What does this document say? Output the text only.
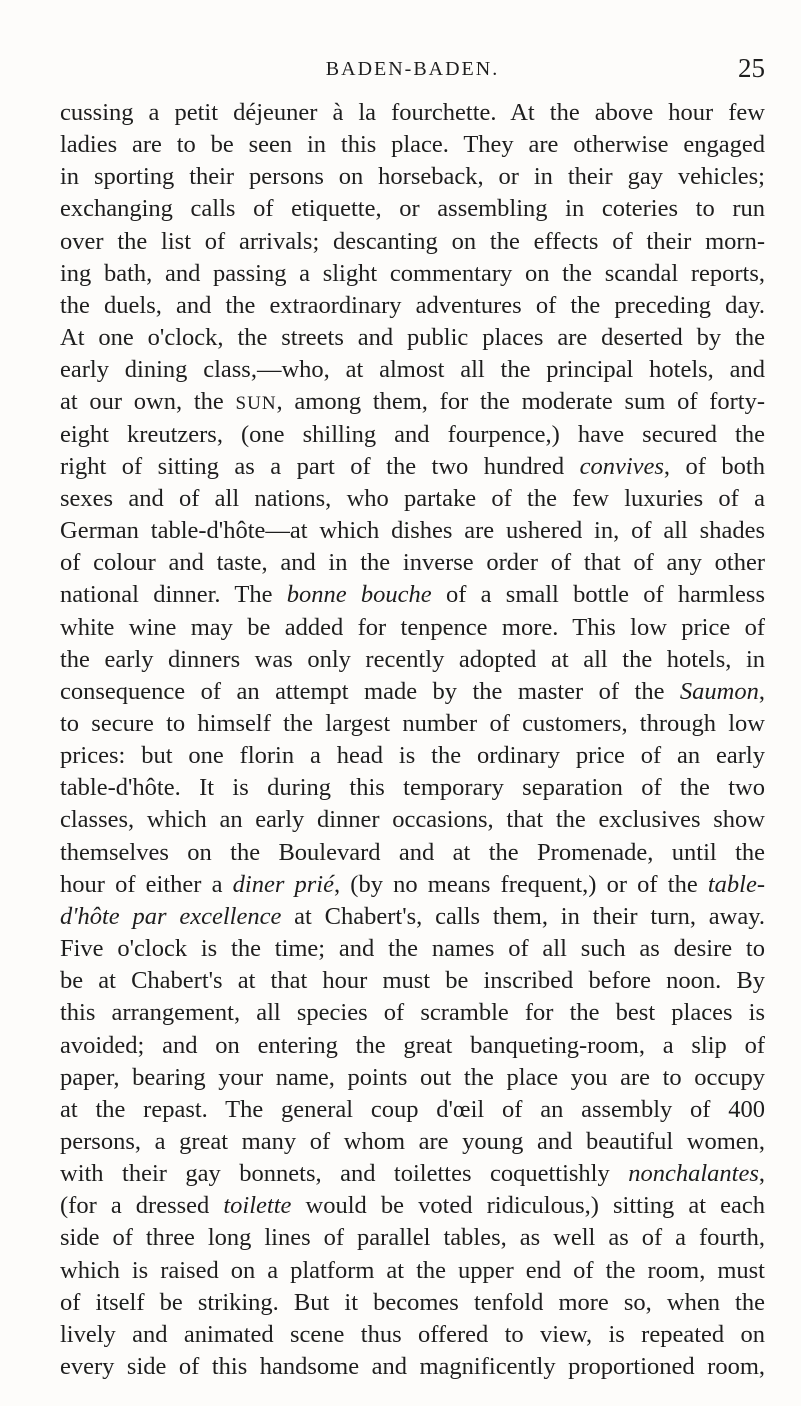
BADEN-BADEN.	25
cussing a petit déjeuner à la fourchette. At the above hour few
ladies are to be seen in this place. They are otherwise engaged
in sporting their persons on horseback, or in their gay vehicles;
exchanging calls of etiquette, or assembling in coteries to run
over the list of arrivals; descanting on the effects of their morn-
ing bath, and passing a slight commentary on the scandal reports,
the duels, and the extraordinary adventures of the preceding day.
At one o'clock, the streets and public places are deserted by the
early dining class,—who, at almost all the principal hotels, and
at our own, the SUN, among them, for the moderate sum of forty-
eight kreutzers, (one shilling and fourpence,) have secured the
right of sitting as a part of the two hundred convives, of both
sexes and of all nations, who partake of the few luxuries of a
German table-d'hôte—at which dishes are ushered in, of all shades
of colour and taste, and in the inverse order of that of any other
national dinner. The bonne bouche of a small bottle of harmless
white wine may be added for tenpence more. This low price of
the early dinners was only recently adopted at all the hotels, in
consequence of an attempt made by the master of the Saumon,
to secure to himself the largest number of customers, through low
prices: but one florin a head is the ordinary price of an early
table-d'hôte. It is during this temporary separation of the two
classes, which an early dinner occasions, that the exclusives show
themselves on the Boulevard and at the Promenade, until the
hour of either a diner prié, (by no means frequent,) or of the table-
d'hôte par excellence at Chabert's, calls them, in their turn, away.
Five o'clock is the time; and the names of all such as desire to
be at Chabert's at that hour must be inscribed before noon. By
this arrangement, all species of scramble for the best places is
avoided; and on entering the great banqueting-room, a slip of
paper, bearing your name, points out the place you are to occupy
at the repast. The general coup d'œil of an assembly of 400
persons, a great many of whom are young and beautiful women,
with their gay bonnets, and toilettes coquettishly nonchalantes,
(for a dressed toilette would be voted ridiculous,) sitting at each
side of three long lines of parallel tables, as well as of a fourth,
which is raised on a platform at the upper end of the room, must
of itself be striking. But it becomes tenfold more so, when the
lively and animated scene thus offered to view, is repeated on
every side of this handsome and magnificently proportioned room,
